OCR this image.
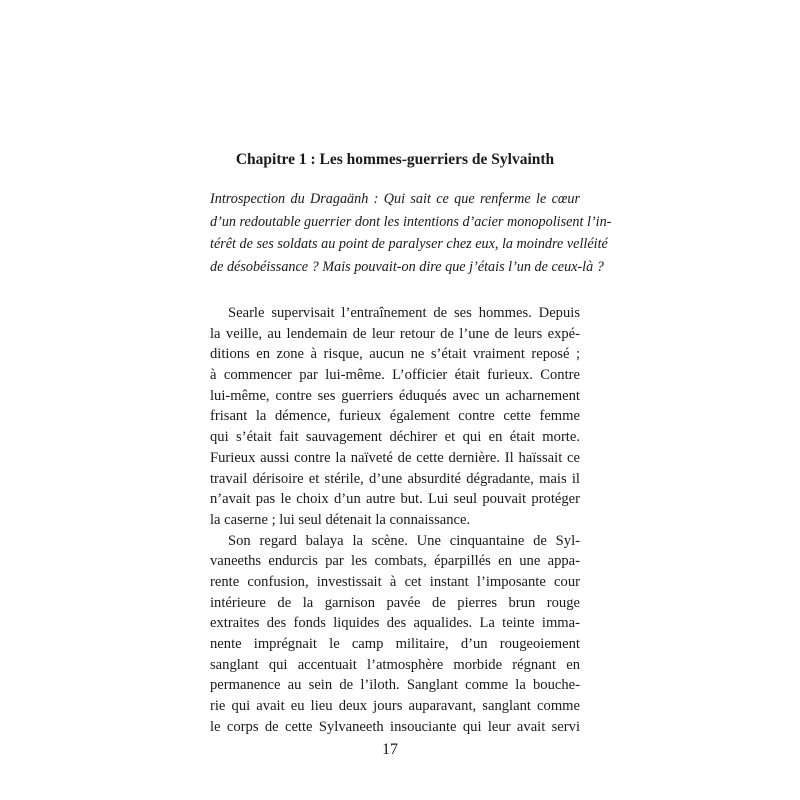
Chapitre 1 : Les hommes-guerriers de Sylvainth
Introspection du Dragaänh : Qui sait ce que renferme le cœur
d’un redoutable guerrier dont les intentions d’acier monopolisent l’in-
térêt de ses soldats au point de paralyser chez eux, la moindre velléité
de désobéissance ? Mais pouvait-on dire que j’étais l’un de ceux-là ?
Searle supervisait l’entraînement de ses hommes. Depuis
la veille, au lendemain de leur retour de l’une de leurs expé-
ditions en zone à risque, aucun ne s’était vraiment reposé ;
à commencer par lui-même. L’officier était furieux. Contre
lui-même, contre ses guerriers éduqués avec un acharnement
frisant la démence, furieux également contre cette femme
qui s’était fait sauvagement déchirer et qui en était morte.
Furieux aussi contre la naïveté de cette dernière. Il haïssait ce
travail dérisoire et stérile, d’une absurdité dégradante, mais il
n’avait pas le choix d’un autre but. Lui seul pouvait protéger
la caserne ; lui seul détenait la connaissance.
Son regard balaya la scène. Une cinquantaine de Syl-
vaneeths endurcis par les combats, éparpillés en une appa-
rente confusion, investissait à cet instant l’imposante cour
intérieure de la garnison pavée de pierres brun rouge
extraites des fonds liquides des aqualides. La teinte imma-
nente imprégnait le camp militaire, d’un rougeoiement
sanglant qui accentuait l’atmosphère morbide régnant en
permanence au sein de l’iloth. Sanglant comme la bouche-
rie qui avait eu lieu deux jours auparavant, sanglant comme
le corps de cette Sylvaneeth insouciante qui leur avait servi
17
